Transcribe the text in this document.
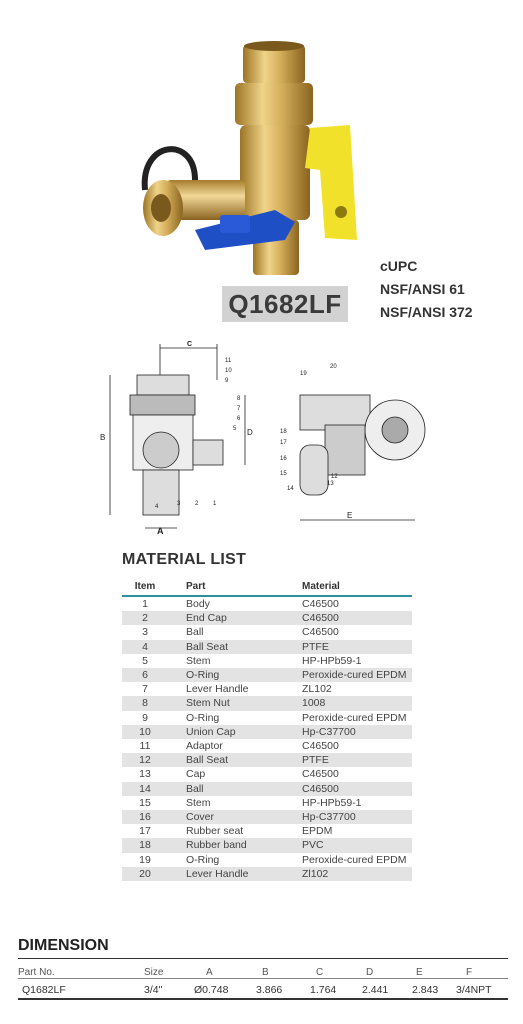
Q1682LF
cUPC
NSF/ANSI 61
NSF/ANSI 372
C
B
A
D
11
10
9
8
7
6
5
4	3 2 1
E
20
19
18
17
16
15
14
13
12
MATERIAL LIST
Item	Part	Material
1	Body	C46500
2	End Cap	C46500
3	Ball	C46500
4	Ball Seat	PTFE
5	Stem	HP-HPb59-1
6	O-Ring	Peroxide-cured EPDM
7	Lever Handle	ZL102
8	Stem Nut	1008
9	O-Ring	Peroxide-cured EPDM
10	Union Cap	Hp-C37700
11	Adaptor	C46500
12	Ball Seat	PTFE
13	Cap	C46500
14	Ball	C46500
15	Stem	HP-HPb59-1
16	Cover	Hp-C37700
17	Rubber seat	EPDM
18	Rubber band	PVC
19	O-Ring	Peroxide-cured EPDM
20	Lever Handle	Zl102
DIMENSION
Part No.	Size	A	B	C	D	E	F
Q1682LF	3/4"	Ø0.748	3.866	1.764	2.441	2.843	3/4NPT
